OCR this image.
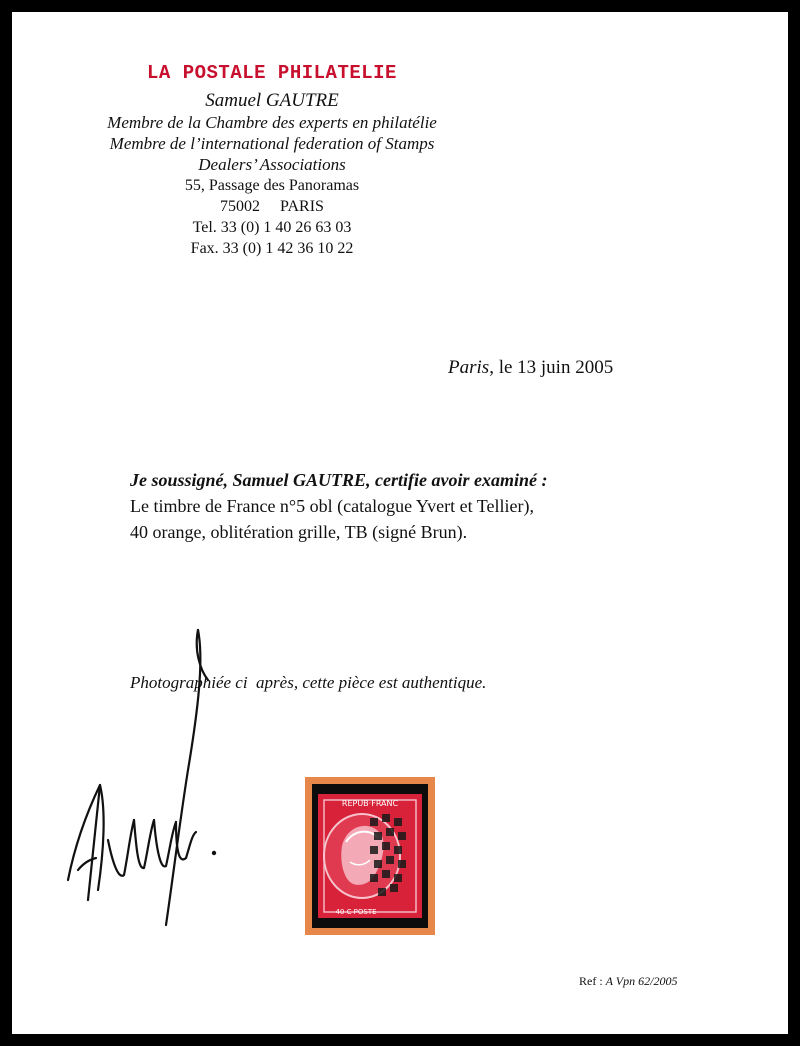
LA POSTALE PHILATELIE
Samuel GAUTRE
Membre de la Chambre des experts en philatélie
Membre de l’international federation of Stamps
Dealers’ Associations
55, Passage des Panoramas
75002     PARIS
Tel. 33 (0) 1 40 26 63 03
Fax. 33 (0) 1 42 36 10 22
Paris, le 13 juin 2005
Je soussigné, Samuel GAUTRE, certifie avoir examiné :
Le timbre de France n°5 obl (catalogue Yvert et Tellier),
40 orange, oblitération grille, TB (signé Brun).
Photographiée ci  après, cette pièce est authentique.
Ref : A Vpn 62/2005
REPUB·FRANC
40 C POSTE
